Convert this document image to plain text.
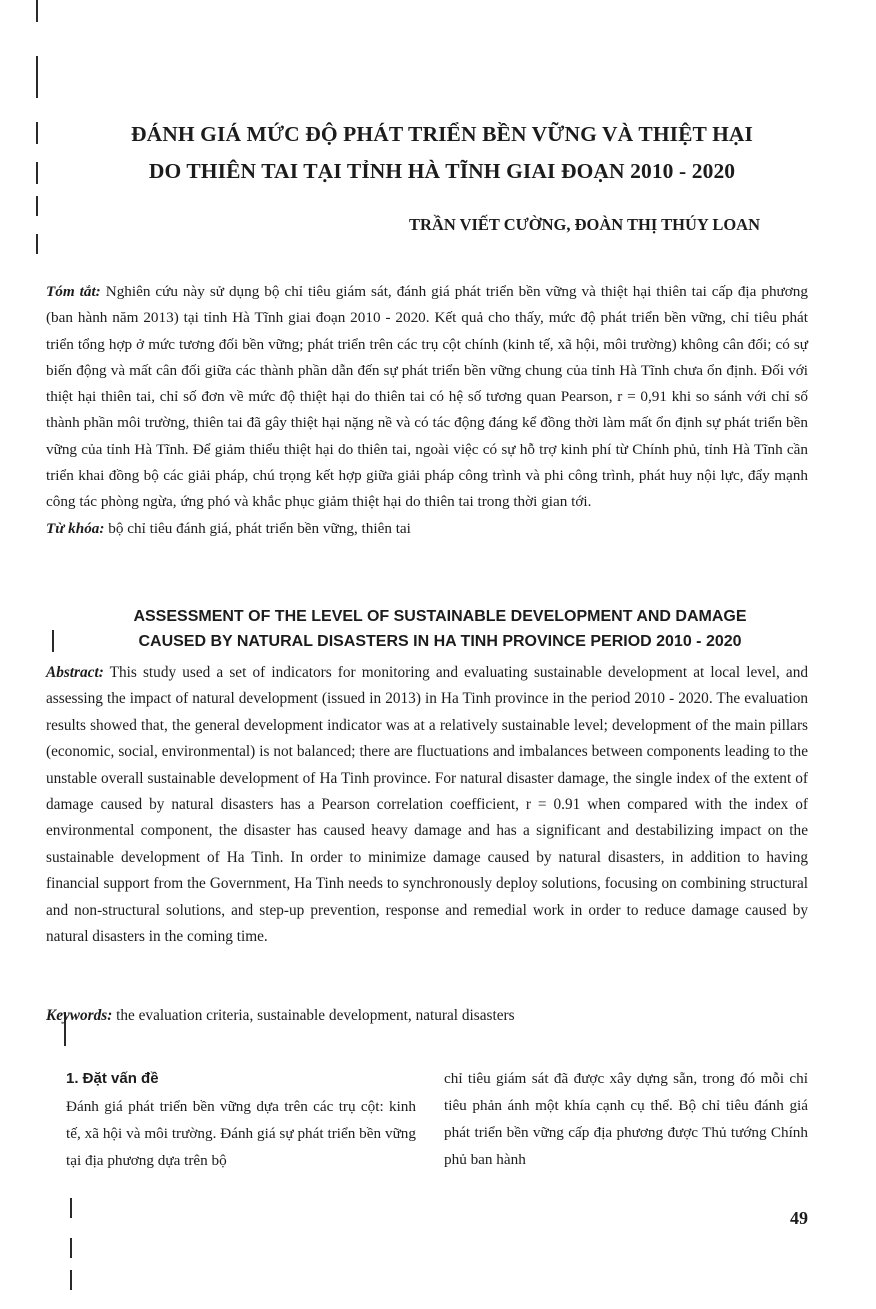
ĐÁNH GIÁ MỨC ĐỘ PHÁT TRIỂN BỀN VỮNG VÀ THIỆT HẠI
DO THIÊN TAI TẠI TỈNH HÀ TĨNH GIAI ĐOẠN 2010 - 2020
TRẦN VIẾT CƯỜNG, ĐOÀN THỊ THÚY LOAN

Tóm tắt: Nghiên cứu này sử dụng bộ chỉ tiêu giám sát, đánh giá phát triển bền vững và thiệt hại thiên tai cấp địa phương (ban hành năm 2013) tại tỉnh Hà Tĩnh giai đoạn 2010 - 2020. Kết quả cho thấy, mức độ phát triển bền vững, chỉ tiêu phát triển tổng hợp ở mức tương đối bền vững; phát triển trên các trụ cột chính (kinh tế, xã hội, môi trường) không cân đối; có sự biến động và mất cân đối giữa các thành phần dẫn đến sự phát triển bền vững chung của tỉnh Hà Tĩnh chưa ổn định. Đối với thiệt hại thiên tai, chỉ số đơn về mức độ thiệt hại do thiên tai có hệ số tương quan Pearson, r = 0,91 khi so sánh với chỉ số thành phần môi trường, thiên tai đã gây thiệt hại nặng nề và có tác động đáng kể đồng thời làm mất ổn định sự phát triển bền vững của tỉnh Hà Tĩnh. Để giảm thiểu thiệt hại do thiên tai, ngoài việc có sự hỗ trợ kinh phí từ Chính phủ, tỉnh Hà Tĩnh cần triển khai đồng bộ các giải pháp, chú trọng kết hợp giữa giải pháp công trình và phi công trình, phát huy nội lực, đẩy mạnh công tác phòng ngừa, ứng phó và khắc phục giảm thiệt hại do thiên tai trong thời gian tới.

Từ khóa: bộ chỉ tiêu đánh giá, phát triển bền vững, thiên tai

ASSESSMENT OF THE LEVEL OF SUSTAINABLE DEVELOPMENT AND DAMAGE
CAUSED BY NATURAL DISASTERS IN HA TINH PROVINCE PERIOD 2010 - 2020

Abstract: This study used a set of indicators for monitoring and evaluating sustainable development at local level, and assessing the impact of natural development (issued in 2013) in Ha Tinh province in the period 2010 - 2020. The evaluation results showed that, the general development indicator was at a relatively sustainable level; development of the main pillars (economic, social, environmental) is not balanced; there are fluctuations and imbalances between components leading to the unstable overall sustainable development of Ha Tinh province. For natural disaster damage, the single index of the extent of damage caused by natural disasters has a Pearson correlation coefficient, r = 0.91 when compared with the index of environmental component, the disaster has caused heavy damage and has a significant and destabilizing impact on the sustainable development of Ha Tinh. In order to minimize damage caused by natural disasters, in addition to having financial support from the Government, Ha Tinh needs to synchronously deploy solutions, focusing on combining structural and non-structural solutions, and step-up prevention, response and remedial work in order to reduce damage caused by natural disasters in the coming time.

Keywords: the evaluation criteria, sustainable development, natural disasters

1. Đặt vấn đề

Đánh giá phát triển bền vững dựa trên các trụ cột: kinh tế, xã hội và môi trường. Đánh giá sự phát triển bền vững tại địa phương dựa trên bộ

chỉ tiêu giám sát đã được xây dựng sẵn, trong đó mỗi chỉ tiêu phản ánh một khía cạnh cụ thể. Bộ chỉ tiêu đánh giá phát triển bền vững cấp địa phương được Thủ tướng Chính phủ ban hành

49
